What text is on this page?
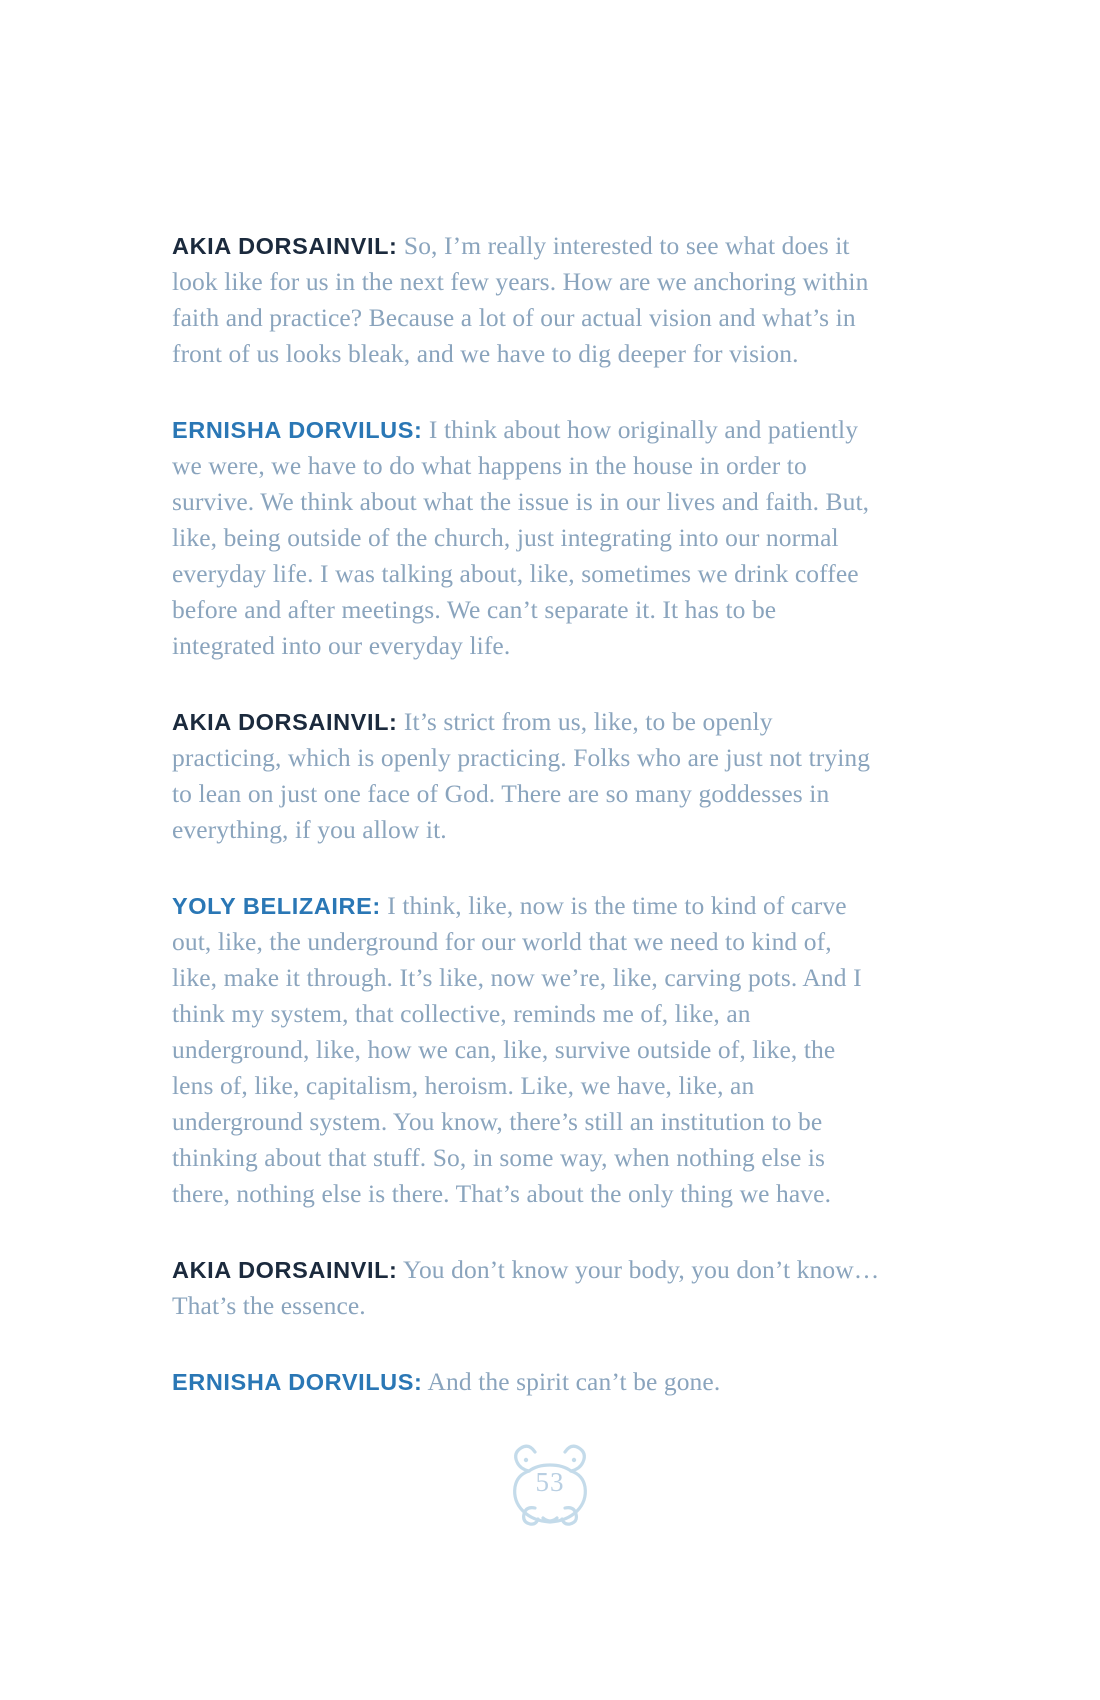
AKIA DORSAINVIL: So, I’m really interested to see what does it look like for us in the next few years. How are we anchoring within faith and practice? Because a lot of our actual vision and what’s in front of us looks bleak, and we have to dig deeper for vision.

ERNISHA DORVILUS: I think about how originally and patiently we were, we have to do what happens in the house in order to survive. We think about what the issue is in our lives and faith. But, like, being outside of the church, just integrating into our normal everyday life. I was talking about, like, sometimes we drink coffee before and after meetings. We can’t separate it. It has to be integrated into our everyday life.

AKIA DORSAINVIL: It’s strict from us, like, to be openly practicing, which is openly practicing. Folks who are just not trying to lean on just one face of God. There are so many goddesses in everything, if you allow it.

YOLY BELIZAIRE: I think, like, now is the time to kind of carve out, like, the underground for our world that we need to kind of, like, make it through. It’s like, now we’re, like, carving pots. And I think my system, that collective, reminds me of, like, an underground, like, how we can, like, survive outside of, like, the lens of, like, capitalism, heroism. Like, we have, like, an underground system. You know, there’s still an institution to be thinking about that stuff. So, in some way, when nothing else is there, nothing else is there. That’s about the only thing we have.

AKIA DORSAINVIL: You don’t know your body, you don’t know… That’s the essence.

ERNISHA DORVILUS: And the spirit can’t be gone.

53
